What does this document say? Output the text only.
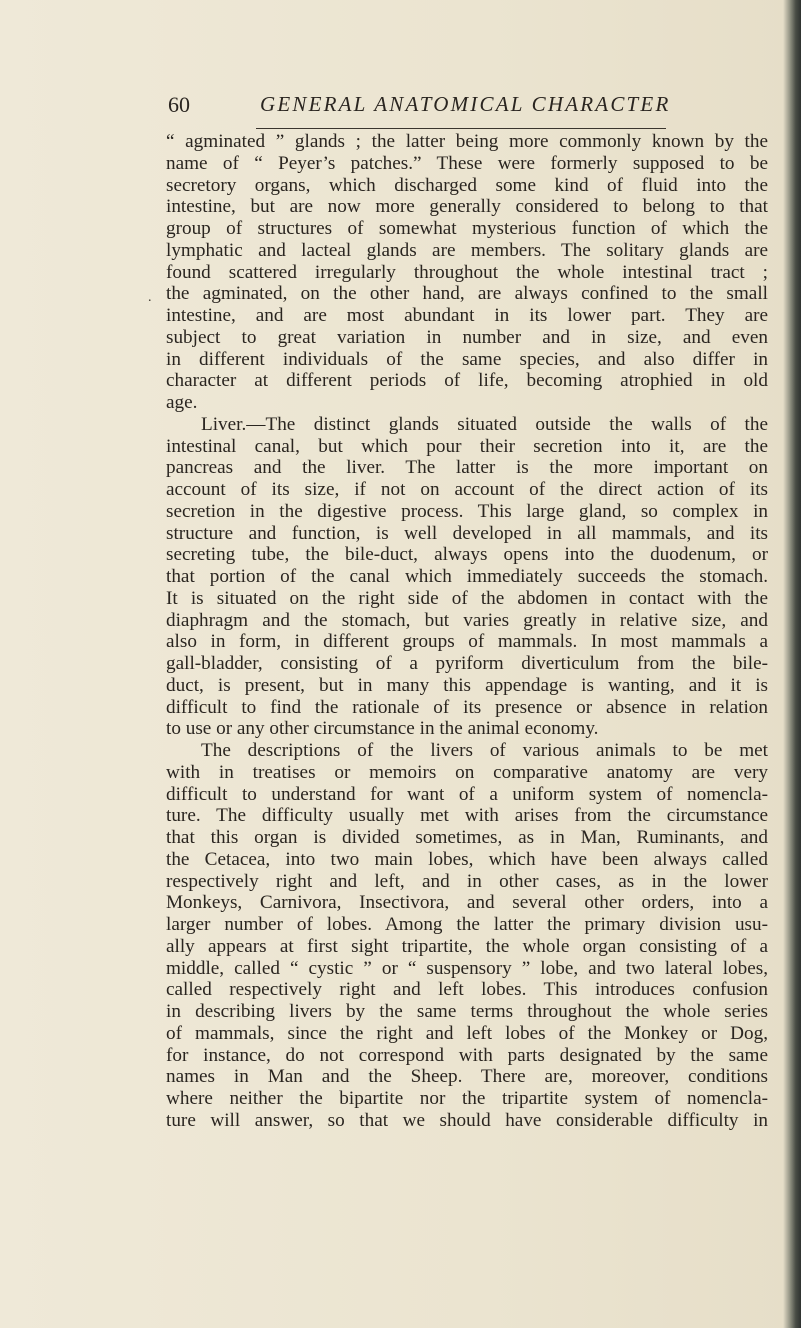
60	GENERAL ANATOMICAL CHARACTER
.
“ agminated ” glands ; the latter being more commonly known by the
name of “ Peyer’s patches.” These were formerly supposed to be
secretory organs, which discharged some kind of fluid into the
intestine, but are now more generally considered to belong to that
group of structures of somewhat mysterious function of which the
lymphatic and lacteal glands are members. The solitary glands are
found scattered irregularly throughout the whole intestinal tract ;
the agminated, on the other hand, are always confined to the small
intestine, and are most abundant in its lower part. They are
subject to great variation in number and in size, and even
in different individuals of the same species, and also differ in
character at different periods of life, becoming atrophied in old
age.
Liver.—The distinct glands situated outside the walls of the
intestinal canal, but which pour their secretion into it, are the
pancreas and the liver. The latter is the more important on
account of its size, if not on account of the direct action of its
secretion in the digestive process. This large gland, so complex in
structure and function, is well developed in all mammals, and its
secreting tube, the bile-duct, always opens into the duodenum, or
that portion of the canal which immediately succeeds the stomach.
It is situated on the right side of the abdomen in contact with the
diaphragm and the stomach, but varies greatly in relative size, and
also in form, in different groups of mammals. In most mammals a
gall-bladder, consisting of a pyriform diverticulum from the bile-
duct, is present, but in many this appendage is wanting, and it is
difficult to find the rationale of its presence or absence in relation
to use or any other circumstance in the animal economy.
The descriptions of the livers of various animals to be met
with in treatises or memoirs on comparative anatomy are very
difficult to understand for want of a uniform system of nomencla-
ture. The difficulty usually met with arises from the circumstance
that this organ is divided sometimes, as in Man, Ruminants, and
the Cetacea, into two main lobes, which have been always called
respectively right and left, and in other cases, as in the lower
Monkeys, Carnivora, Insectivora, and several other orders, into a
larger number of lobes. Among the latter the primary division usu-
ally appears at first sight tripartite, the whole organ consisting of a
middle, called “ cystic ” or “ suspensory ” lobe, and two lateral lobes,
called respectively right and left lobes. This introduces confusion
in describing livers by the same terms throughout the whole series
of mammals, since the right and left lobes of the Monkey or Dog,
for instance, do not correspond with parts designated by the same
names in Man and the Sheep. There are, moreover, conditions
where neither the bipartite nor the tripartite system of nomencla-
ture will answer, so that we should have considerable difficulty in
